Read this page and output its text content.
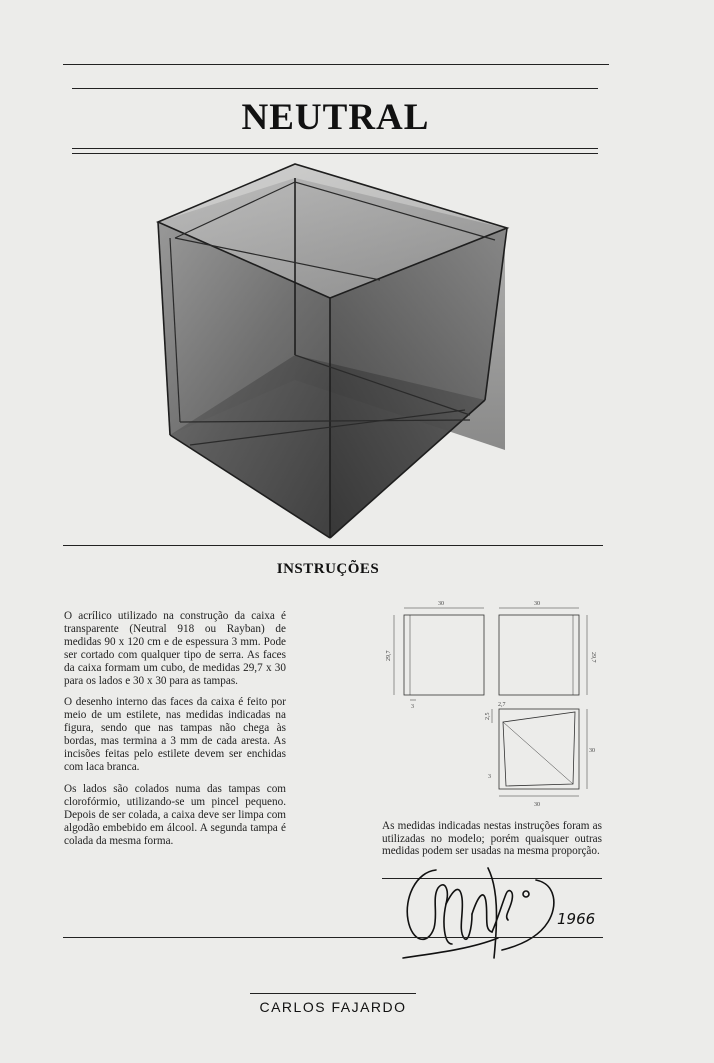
NEUTRAL
INSTRUÇÕES

O acrílico utilizado na construção da caixa é transparente (Neutral 918 ou Rayban) de medidas 90 x 120 cm e de espessura 3 mm. Pode ser cortado com qualquer tipo de serra. As faces da caixa formam um cubo, de medidas 29,7 x 30 para os lados e 30 x 30 para as tampas.

O desenho interno das faces da caixa é feito por meio de um estilete, nas medidas indicadas na figura, sendo que nas tampas não chega às bordas, mas termina a 3 mm de cada aresta. As incisões feitas pelo estilete devem ser enchidas com laca branca.

Os lados são colados numa das tampas com clorofórmio, utilizando-se um pincel pequeno. Depois de ser colada, a caixa deve ser limpa com algodão embebido em álcool. A segunda tampa é colada da mesma forma.

30	30
29,7	29,7
3	2,7
2,5
30
3
30
As medidas indicadas nestas instruções foram as utilizadas no modelo; porém quaisquer outras medidas podem ser usadas na mesma proporção.
1966
CARLOS FAJARDO
